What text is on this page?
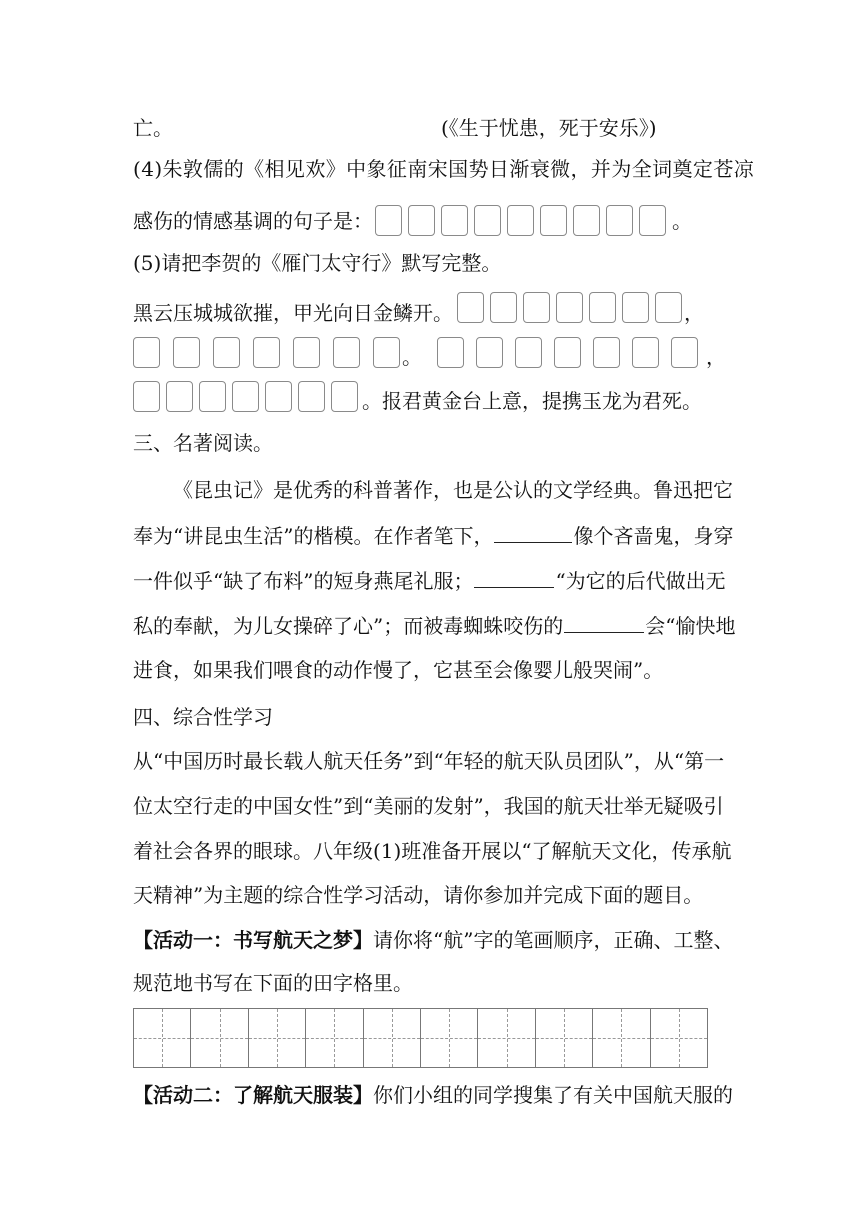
亡。	(《生于忧患，死于安乐》)
(4)朱敦儒的《相见欢》中象征南宋国势日渐衰微，并为全词奠定苍凉
感伤的情感基调的句子是：	。
(5)请把李贺的《雁门太守行》默写完整。
黑云压城城欲摧，甲光向日金鳞开。	，
。	，
。报君黄金台上意，提携玉龙为君死。
三、名著阅读。
《昆虫记》是优秀的科普著作，也是公认的文学经典。鲁迅把它
奉为“讲昆虫生活”的楷模。在作者笔下，	像个吝啬鬼，身穿
一件似乎“缺了布料”的短身燕尾礼服；	“为它的后代做出无
私的奉献，为儿女操碎了心”；而被毒蜘蛛咬伤的	会“愉快地
进食，如果我们喂食的动作慢了，它甚至会像婴儿般哭闹”。
四、综合性学习
从“中国历时最长载人航天任务”到“年轻的航天队员团队”，从“第一
位太空行走的中国女性”到“美丽的发射”，我国的航天壮举无疑吸引
着社会各界的眼球。八年级(1)班准备开展以“了解航天文化，传承航
天精神”为主题的综合性学习活动，请你参加并完成下面的题目。
【活动一：书写航天之梦】请你将“航”字的笔画顺序，正确、工整、
规范地书写在下面的田字格里。
【活动二：了解航天服装】你们小组的同学搜集了有关中国航天服的
